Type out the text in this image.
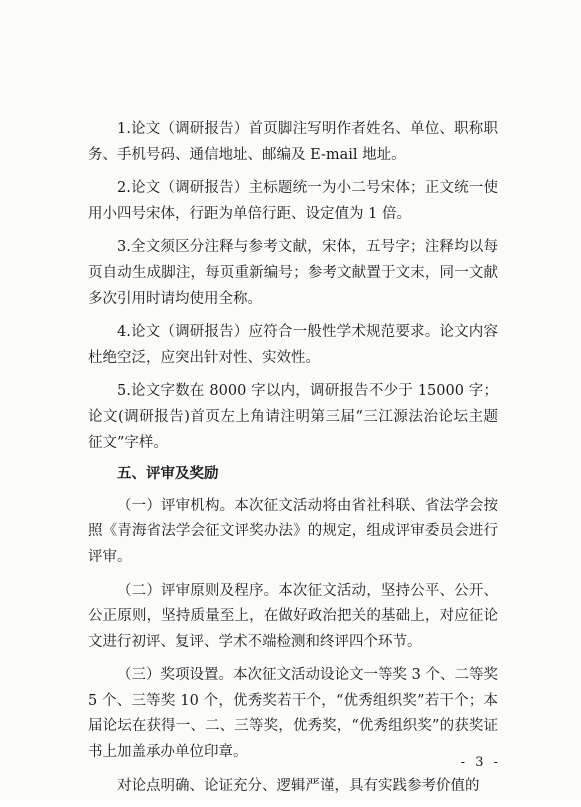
1.论文（调研报告）首页脚注写明作者姓名、单位、职称职务、手机号码、通信地址、邮编及 E-mail 地址。

2.论文（调研报告）主标题统一为小二号宋体；正文统一使用小四号宋体，行距为单倍行距、设定值为 1 倍。

3.全文须区分注释与参考文献，宋体，五号字；注释均以每页自动生成脚注，每页重新编号；参考文献置于文末，同一文献多次引用时请均使用全称。

4.论文（调研报告）应符合一般性学术规范要求。论文内容杜绝空泛，应突出针对性、实效性。

5.论文字数在 8000 字以内，调研报告不少于 15000 字；论文(调研报告)首页左上角请注明第三届“三江源法治论坛主题征文”字样。

五、评审及奖励

（一）评审机构。本次征文活动将由省社科联、省法学会按照《青海省法学会征文评奖办法》的规定，组成评审委员会进行评审。

（二）评审原则及程序。本次征文活动，坚持公平、公开、公正原则，坚持质量至上，在做好政治把关的基础上，对应征论文进行初评、复评、学术不端检测和终评四个环节。

（三）奖项设置。本次征文活动设论文一等奖 3 个、二等奖 5 个、三等奖 10 个，优秀奖若干个，“优秀组织奖”若干个；本届论坛在获得一、二、三等奖，优秀奖，“优秀组织奖”的获奖证书上加盖承办单位印章。

对论点明确、论证充分、逻辑严谨，具有实践参考价值的

- 3 -
